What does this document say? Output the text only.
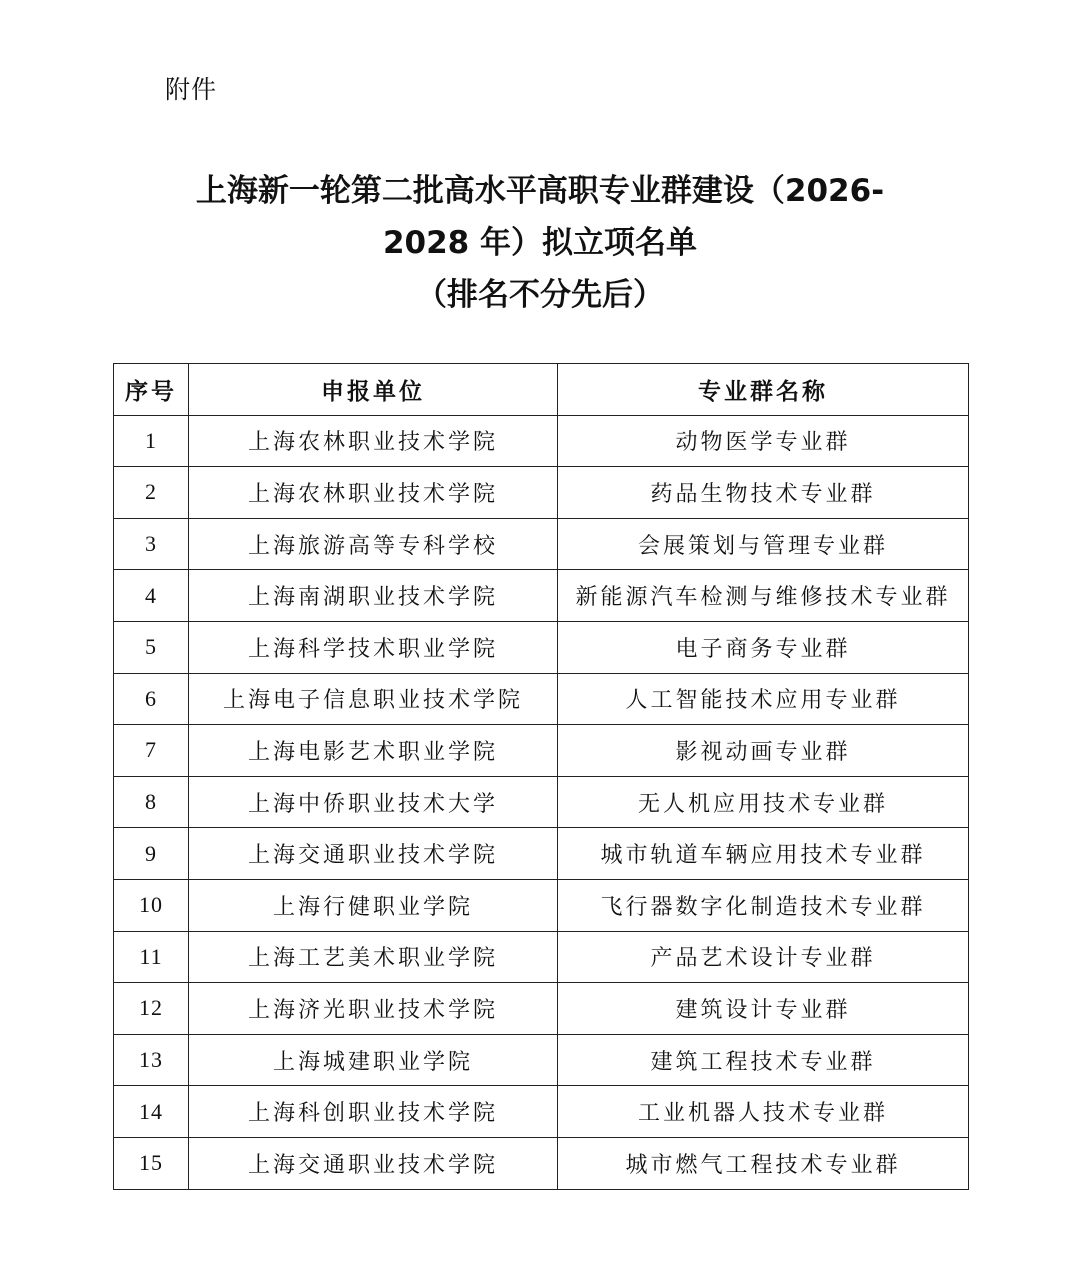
附件
上海新一轮第二批高水平高职专业群建设（2026-
2028 年）拟立项名单
（排名不分先后）
序号	申报单位	专业群名称
1	上海农林职业技术学院	动物医学专业群
2	上海农林职业技术学院	药品生物技术专业群
3	上海旅游高等专科学校	会展策划与管理专业群
4	上海南湖职业技术学院	新能源汽车检测与维修技术专业群
5	上海科学技术职业学院	电子商务专业群
6	上海电子信息职业技术学院	人工智能技术应用专业群
7	上海电影艺术职业学院	影视动画专业群
8	上海中侨职业技术大学	无人机应用技术专业群
9	上海交通职业技术学院	城市轨道车辆应用技术专业群
10	上海行健职业学院	飞行器数字化制造技术专业群
11	上海工艺美术职业学院	产品艺术设计专业群
12	上海济光职业技术学院	建筑设计专业群
13	上海城建职业学院	建筑工程技术专业群
14	上海科创职业技术学院	工业机器人技术专业群
15	上海交通职业技术学院	城市燃气工程技术专业群
